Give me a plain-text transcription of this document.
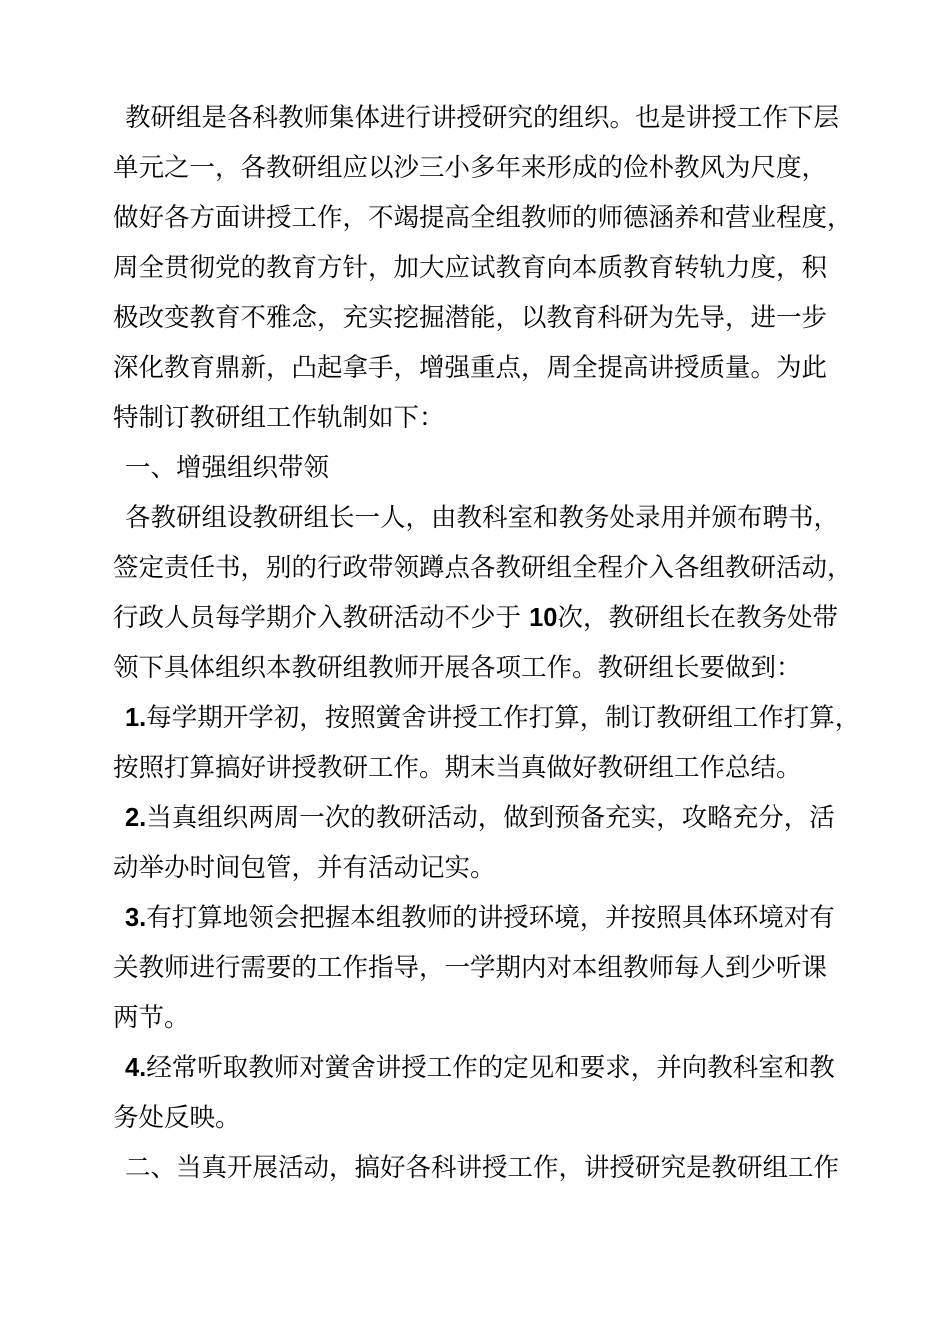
教研组是各科教师集体进行讲授研究的组织。也是讲授工作下层
单元之一，各教研组应以沙三小多年来形成的俭朴教风为尺度，
做好各方面讲授工作，不竭提高全组教师的师德涵养和营业程度，
周全贯彻党的教育方针，加大应试教育向本质教育转轨力度，积
极改变教育不雅念，充实挖掘潜能，以教育科研为先导，进一步
深化教育鼎新，凸起拿手，增强重点，周全提高讲授质量。为此
特制订教研组工作轨制如下：
一、增强组织带领
各教研组设教研组长一人，由教科室和教务处录用并颁布聘书，
签定责任书，别的行政带领蹲点各教研组全程介入各组教研活动，
行政人员每学期介入教研活动不少于 10次，教研组长在教务处带
领下具体组织本教研组教师开展各项工作。教研组长要做到：
1.每学期开学初，按照黉舍讲授工作打算，制订教研组工作打算，
按照打算搞好讲授教研工作。期末当真做好教研组工作总结。
2.当真组织两周一次的教研活动，做到预备充实，攻略充分，活
动举办时间包管，并有活动记实。
3.有打算地领会把握本组教师的讲授环境，并按照具体环境对有
关教师进行需要的工作指导，一学期内对本组教师每人到少听课
两节。
4.经常听取教师对黉舍讲授工作的定见和要求，并向教科室和教
务处反映。
二、当真开展活动，搞好各科讲授工作，讲授研究是教研组工作
